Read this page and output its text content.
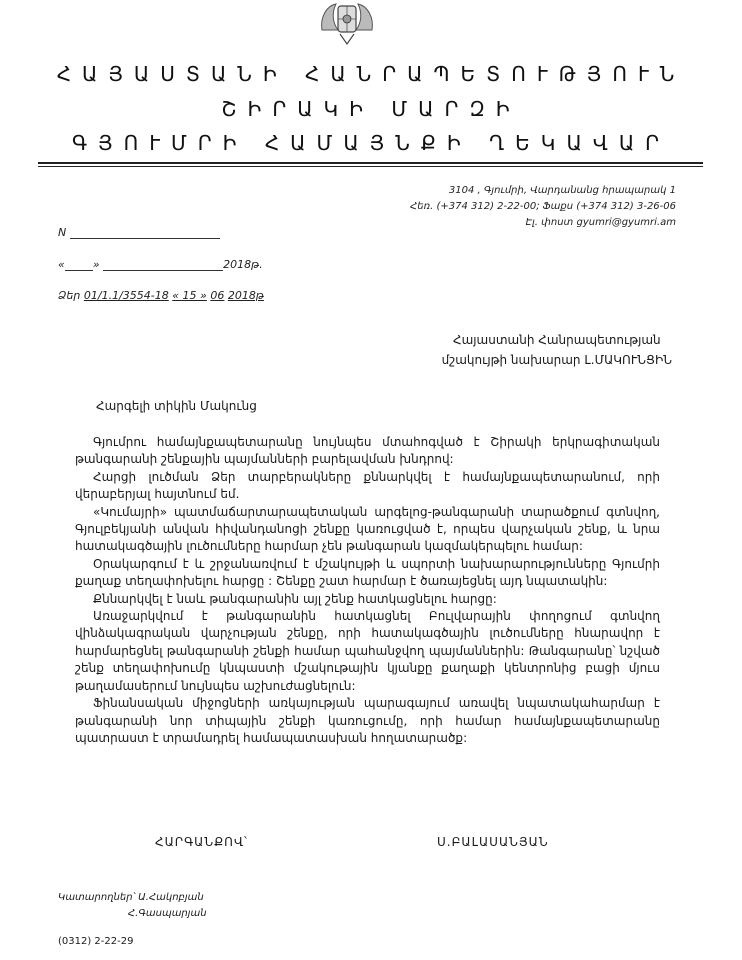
ՀԱՅԱՍՏԱՆԻ ՀԱՆՐԱՊԵՏՈՒԹՅՈՒՆ
ՇԻՐԱԿԻ ՄԱՐԶԻ
ԳՅՈՒՄՐԻ ՀԱՄԱՅՆՔԻ ՂԵԿԱՎԱՐ
3104 , Գյումրի, Վարդանանց հրապարակ 1
Հեռ. (+374 312) 2-22-00; Ֆաքս (+374 312) 3-26-06
Էլ. փոստ gyumri@gyumri.am
N
«	»	2018թ.
Ձեր 01/1.1/3554-18 « 15 » 06 2018թ
Հայաստանի Հանրապետության
մշակույթի նախարար Լ.ՄԱԿՈՒՆՑԻՆ
Հարգելի տիկին Մակունց

Գյումրու համայնքապետարանը նույնպես մտահոգված է Շիրակի երկրագիտական թանգարանի շենքային պայմանների բարելավման խնդրով:

Հարցի լուծման Ձեր տարբերակները քննարկվել է համայնքապետարանում, որի վերաբերյալ հայտնում եմ.

«Կումայրի» պատմաճարտարապետական արգելոց-թանգարանի տարածքում գտնվող, Գյուլբեկյանի անվան հիվանդանոցի շենքը կառուցված է, որպես վարչական շենք, և նրա հատակագծային լուծումները հարմար չեն թանգարան կազմակերպելու համար:

Օրակարգում է և շրջանառվում է մշակույթի և սպորտի նախարարությունները Գյումրի քաղաք տեղափոխելու հարցը : Շենքը շատ հարմար է ծառայեցնել այդ նպատակին:

Քննարկվել է նաև թանգարանին այլ շենք հատկացնելու հարցը:

Առաջարկվում է թանգարանին հատկացնել Բուլվարային փողոցում գտնվող վինձակագրական վարչության շենքը, որի հատակագծային լուծումները հնարավոր է հարմարեցնել թանգարանի շենքի համար պահանջվող պայմաններին: Թանգարանը՝ նշված շենք տեղափոխումը կնպաստի մշակութային կյանքը քաղաքի կենտրոնից բացի մյուս թաղամասերում նույնպես աշխուժացնելուն:

Ֆինանսական միջոցների առկայության պարագայում առավել նպատակահարմար է թանգարանի նոր տիպային շենքի կառուցումը, որի համար համայնքապետարանը պատրաստ է տրամադրել համապատասխան հողատարածք:

ՀԱՐԳԱՆՔՈՎ՝	Ս.ԲԱԼԱՍԱՆՅԱՆ
Կատարողներ՝ Ա.Հակոբյան
Հ.Գասպարյան
(0312) 2-22-29
